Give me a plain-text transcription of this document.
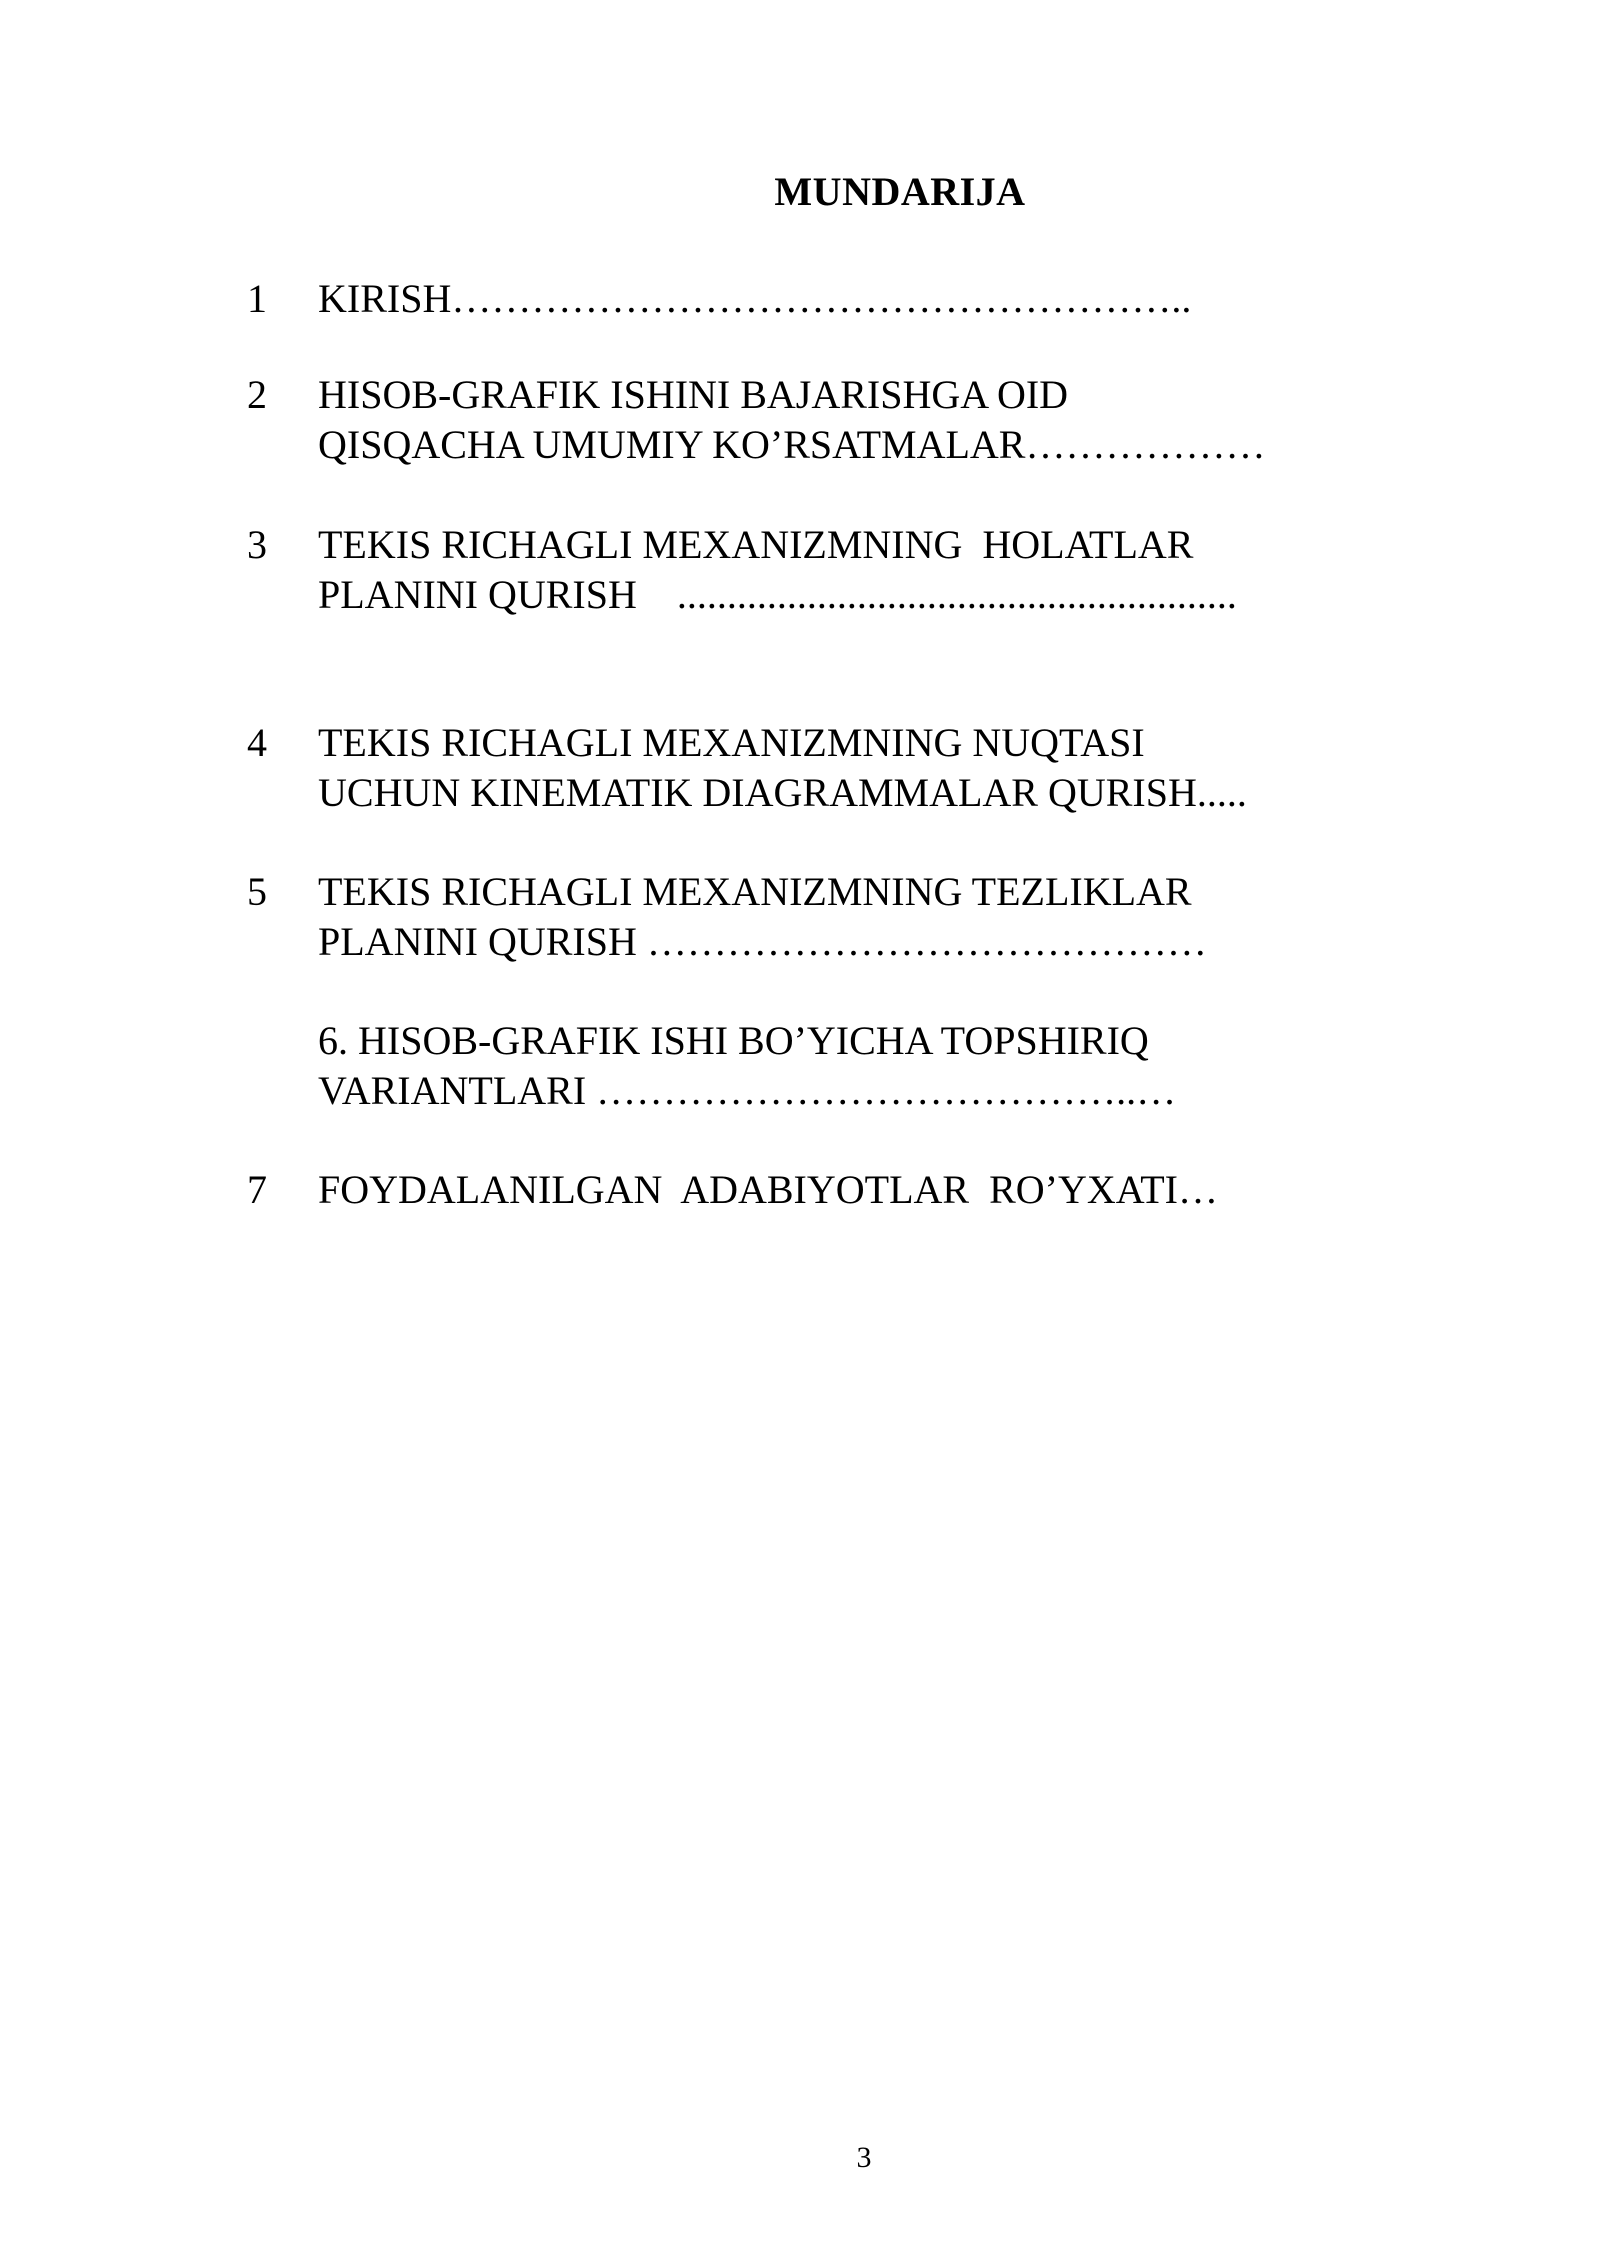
MUNDARIJA
1 KIRISH………………………………………………..
2 HISOB-GRAFIK ISHINI BAJARISHGA OID
QISQACHA UMUMIY KO’RSATMALAR………………
3 TEKIS RICHAGLI MEXANIZMNING  HOLATLAR
PLANINI QURISH    ........................................................
4 TEKIS RICHAGLI MEXANIZMNING NUQTASI
UCHUN KINEMATIK DIAGRAMMALAR QURISH.....
5 TEKIS RICHAGLI MEXANIZMNING TEZLIKLAR
PLANINI QURISH ……………………………………
6. HISOB-GRAFIK ISHI BO’YICHA TOPSHIRIQ
VARIANTLARI …………………………………..…
7 FOYDALANILGAN  ADABIYOTLAR  RO’YXATI…
3
